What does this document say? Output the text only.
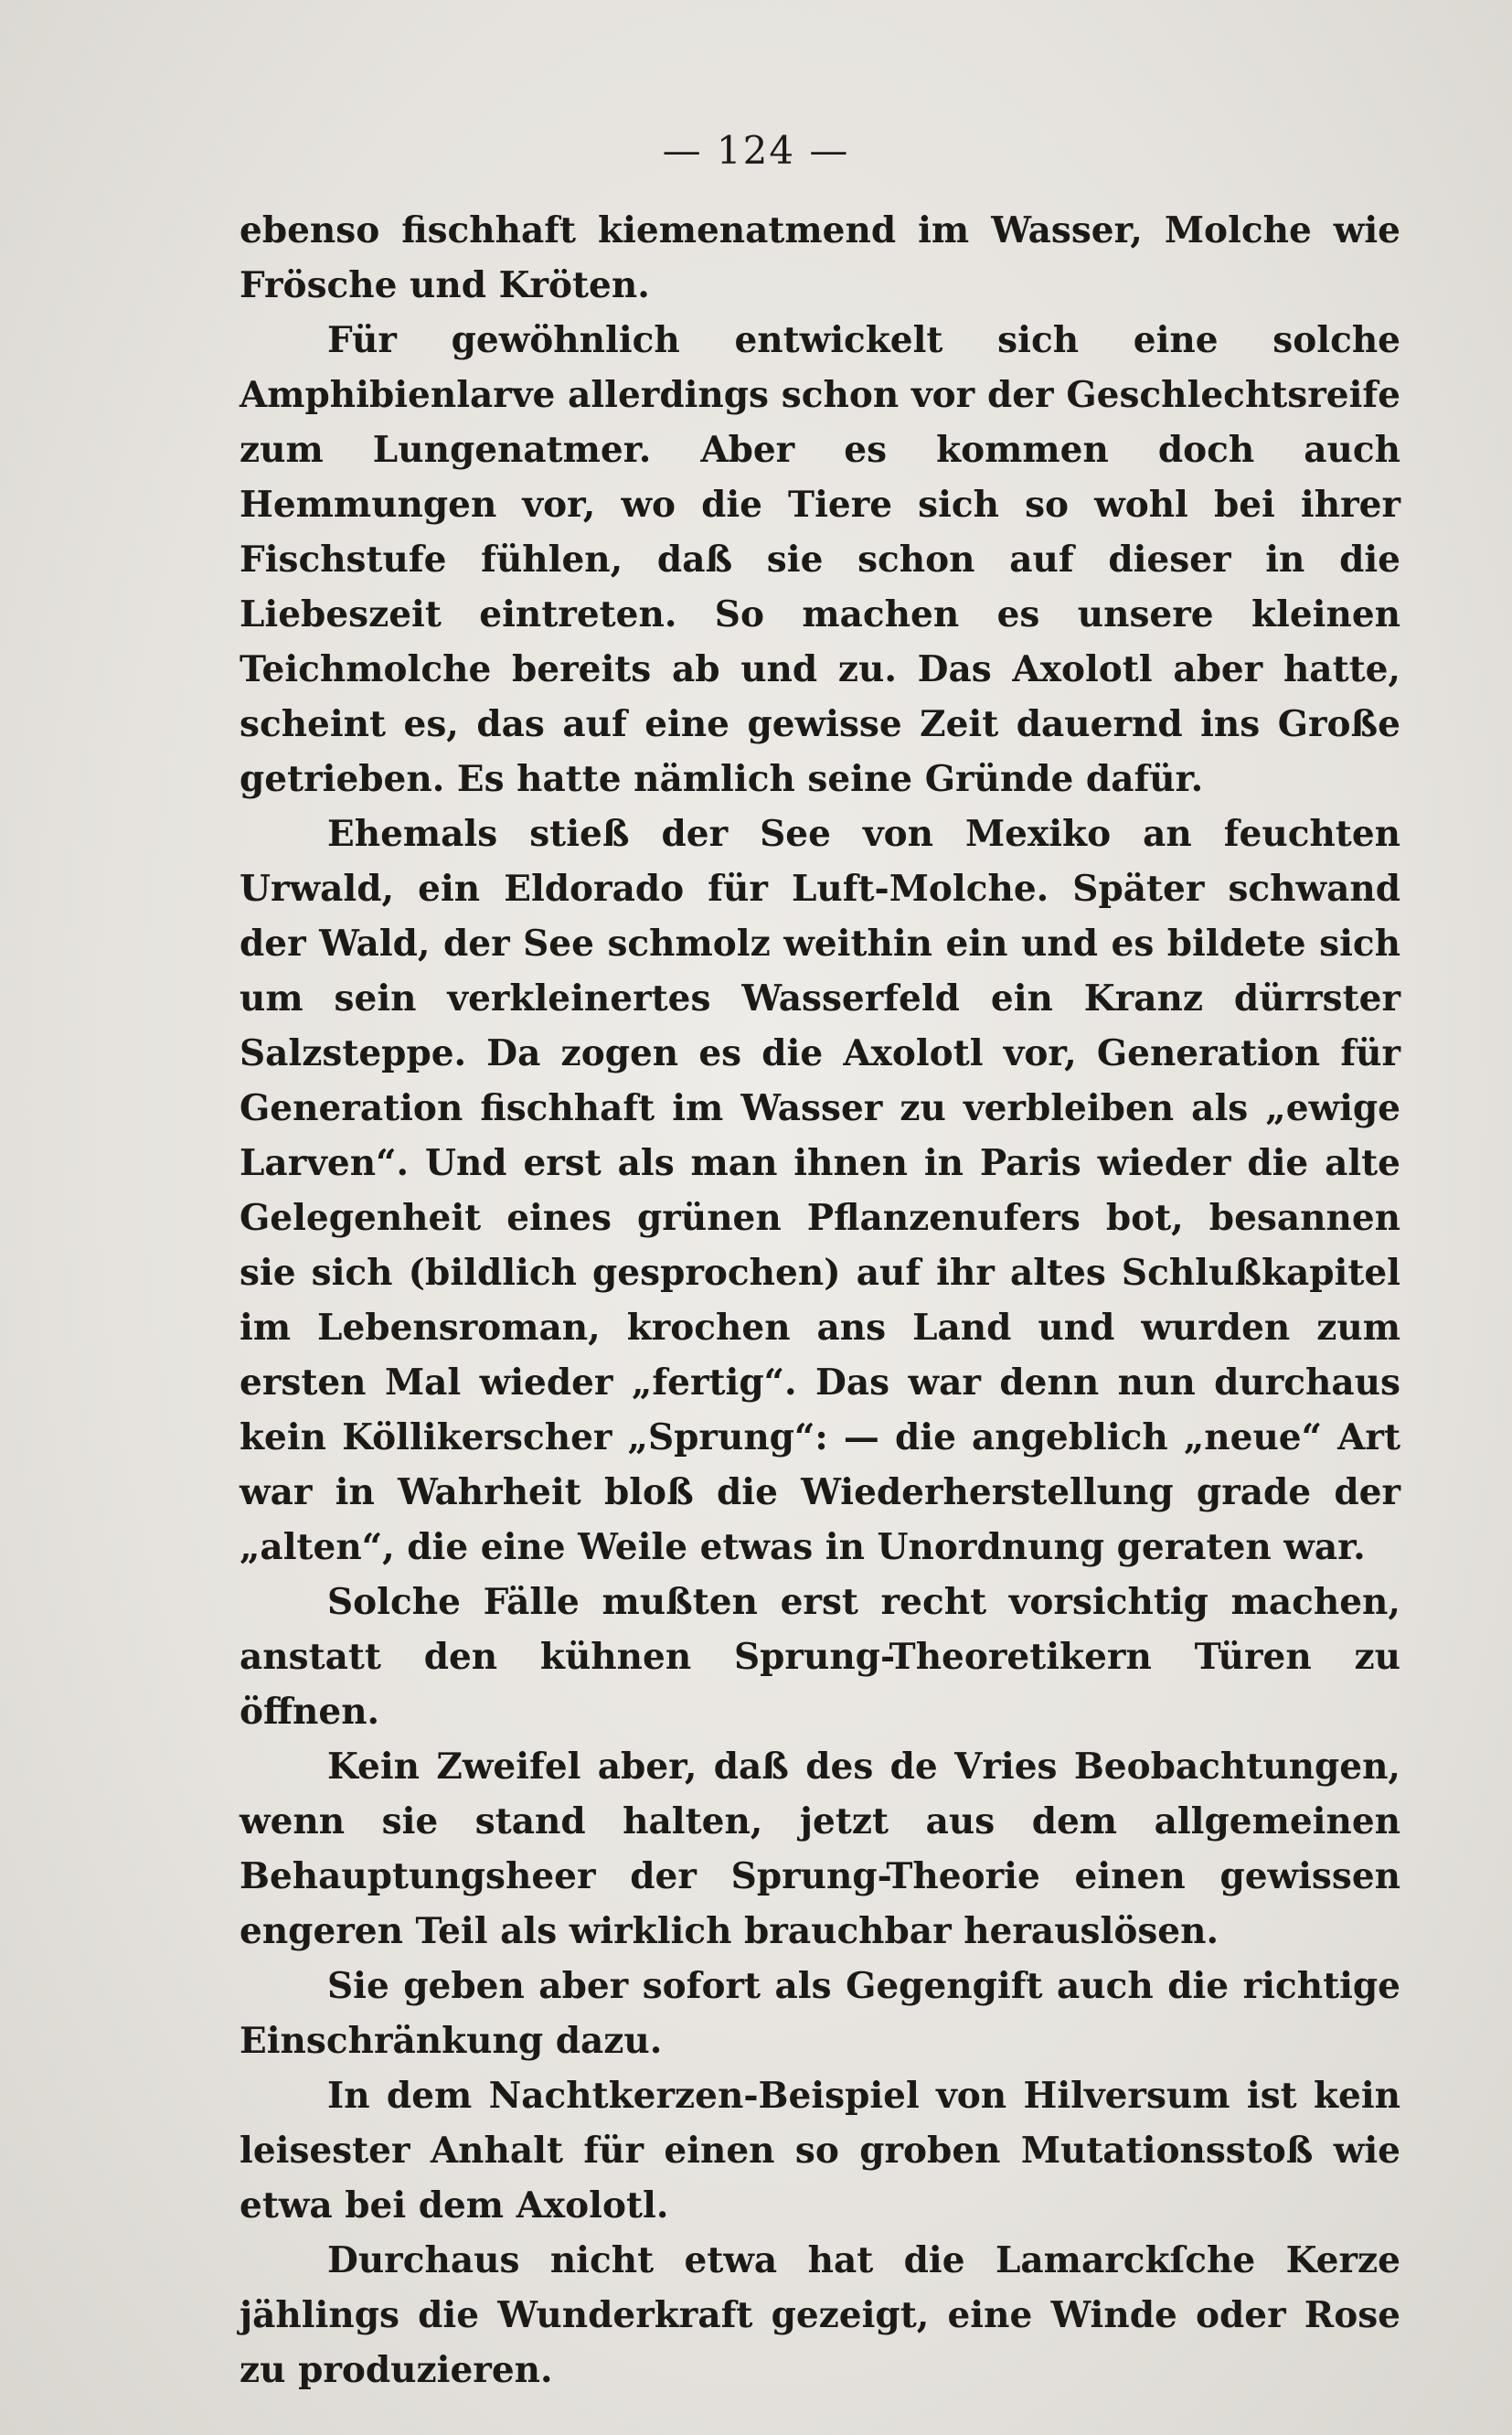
— 124 —

ebenso fischhaft kiemenatmend im Wasser, Molche wie Frösche und Kröten.

Für gewöhnlich entwickelt sich eine solche Amphibienlarve allerdings schon vor der Geschlechtsreife zum Lungenatmer. Aber es kommen doch auch Hemmungen vor, wo die Tiere sich so wohl bei ihrer Fischstufe fühlen, daß sie schon auf dieser in die Liebeszeit eintreten. So machen es unsere kleinen Teichmolche bereits ab und zu. Das Axolotl aber hatte, scheint es, das auf eine gewisse Zeit dauernd ins Große getrieben. Es hatte nämlich seine Gründe dafür.

Ehemals stieß der See von Mexiko an feuchten Urwald, ein Eldorado für Luft-Molche. Später schwand der Wald, der See schmolz weithin ein und es bildete sich um sein verkleinertes Wasserfeld ein Kranz dürrster Salzsteppe. Da zogen es die Axolotl vor, Generation für Generation fischhaft im Wasser zu verbleiben als „ewige Larven“. Und erst als man ihnen in Paris wieder die alte Gelegenheit eines grünen Pflanzenufers bot, besannen sie sich (bildlich gesprochen) auf ihr altes Schlußkapitel im Lebensroman, krochen ans Land und wurden zum ersten Mal wieder „fertig“. Das war denn nun durchaus kein Köllikerscher „Sprung“: — die angeblich „neue“ Art war in Wahrheit bloß die Wiederherstellung grade der „alten“, die eine Weile etwas in Unordnung geraten war.

Solche Fälle mußten erst recht vorsichtig machen, anstatt den kühnen Sprung-Theoretikern Türen zu öffnen.

Kein Zweifel aber, daß des de Vries Beobachtungen, wenn sie stand halten, jetzt aus dem allgemeinen Behauptungsheer der Sprung-Theorie einen gewissen engeren Teil als wirklich brauchbar herauslösen.

Sie geben aber sofort als Gegengift auch die richtige Einschränkung dazu.

In dem Nachtkerzen-Beispiel von Hilversum ist kein leisester Anhalt für einen so groben Mutationsstoß wie etwa bei dem Axolotl.

Durchaus nicht etwa hat die Lamarckſche Kerze jählings die Wunderkraft gezeigt, eine Winde oder Rose zu produzieren.
